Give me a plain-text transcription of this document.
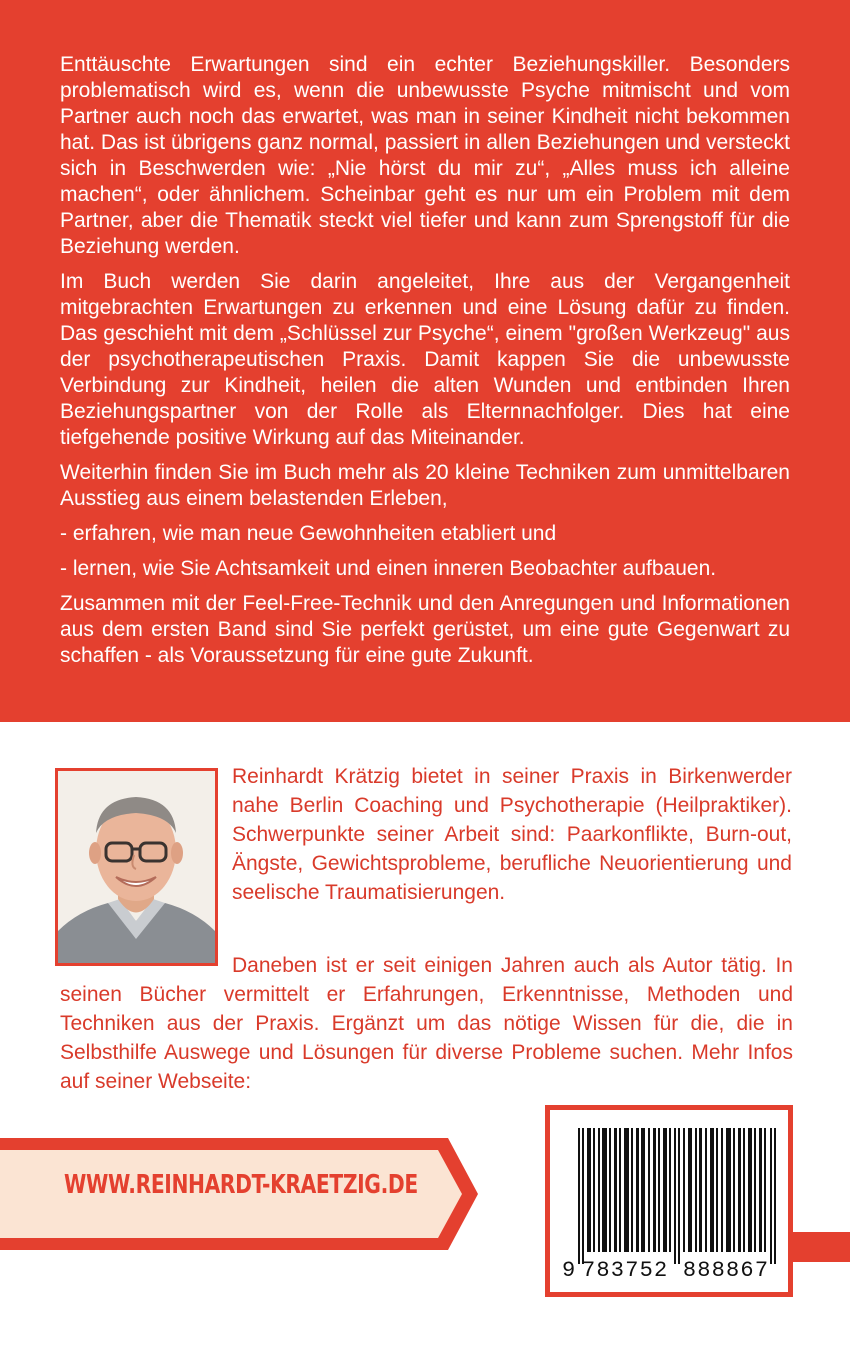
Enttäuschte Erwartungen sind ein echter Beziehungskiller. Besonders problematisch wird es, wenn die unbewusste Psyche mitmischt und vom Partner auch noch das erwartet, was man in seiner Kindheit nicht bekommen hat. Das ist übrigens ganz normal, passiert in allen Beziehungen und versteckt sich in Beschwerden wie: „Nie hörst du mir zu“, „Alles muss ich alleine machen“, oder ähnlichem. Scheinbar geht es nur um ein Problem mit dem Partner, aber die Thematik steckt viel tiefer und kann zum Sprengstoff für die Beziehung werden.

Im Buch werden Sie darin angeleitet, Ihre aus der Vergangenheit mitgebrachten Erwartungen zu erkennen und eine Lösung dafür zu finden. Das geschieht mit dem „Schlüssel zur Psyche“, einem "großen Werkzeug" aus der psychotherapeutischen Praxis. Damit kappen Sie die unbewusste Verbindung zur Kindheit, heilen die alten Wunden und entbinden Ihren Beziehungspartner von der Rolle als Elternnachfolger. Dies hat eine tiefgehende positive Wirkung auf das Miteinander.

Weiterhin finden Sie im Buch mehr als 20 kleine Techniken zum unmittelbaren Ausstieg aus einem belastenden Erleben,

- erfahren, wie man neue Gewohnheiten etabliert und

- lernen, wie Sie Achtsamkeit und einen inneren Beobachter aufbauen.

Zusammen mit der Feel-Free-Technik und den Anregungen und Informationen aus dem ersten Band sind Sie perfekt gerüstet, um eine gute Gegenwart zu schaffen - als Voraussetzung für eine gute Zukunft.

Reinhardt Krätzig bietet in seiner Praxis in Birkenwerder nahe Berlin Coaching und Psychotherapie (Heilpraktiker). Schwerpunkte seiner Arbeit sind: Paarkonflikte, Burn-out, Ängste, Gewichtsprobleme, berufliche Neuorientierung und seelische Traumatisierungen.

Daneben ist er seit einigen Jahren auch als Autor tätig. In seinen Bücher vermittelt er Erfahrungen, Erkenntnisse, Methoden und Techniken aus der Praxis. Ergänzt um das nötige Wissen für die, die in Selbsthilfe Auswege und Lösungen für diverse Probleme suchen. Mehr Infos auf seiner Webseite:

WWW.REINHARDT-KRAETZIG.DE
9 783752 888867
